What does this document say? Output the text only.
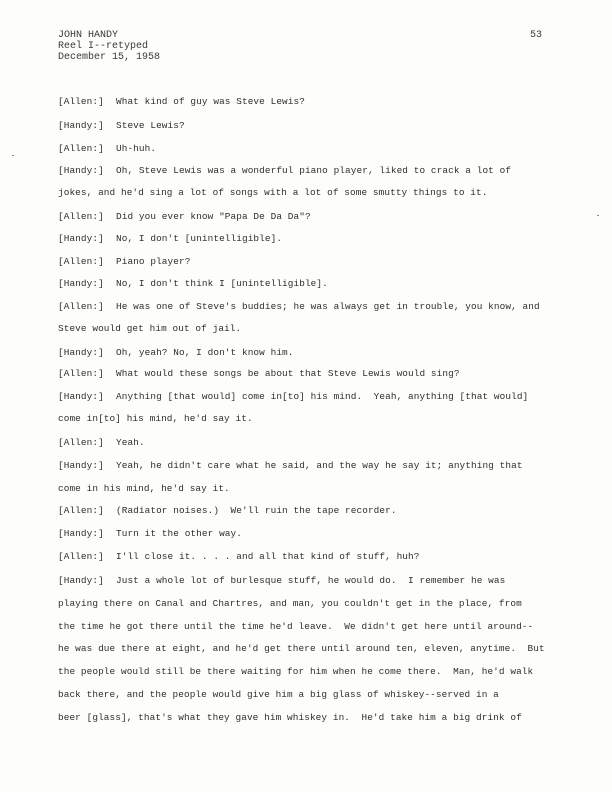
JOHN HANDY
Reel I--retyped
December 15, 1958
53
[Allen:] What kind of guy was Steve Lewis?
[Handy:] Steve Lewis?
[Allen:] Uh-huh.
[Handy:] Oh, Steve Lewis was a wonderful piano player, liked to crack a lot of
jokes, and he'd sing a lot of songs with a lot of some smutty things to it.
[Allen:] Did you ever know "Papa De Da Da"?
[Handy:] No, I don't [unintelligible].
[Allen:] Piano player?
[Handy:] No, I don't think I [unintelligible].
[Allen:] He was one of Steve's buddies; he was always get in trouble, you know, and
Steve would get him out of jail.
[Handy:] Oh, yeah? No, I don't know him.
[Allen:] What would these songs be about that Steve Lewis would sing?
[Handy:] Anything [that would] come in[to] his mind.  Yeah, anything [that would]
come in[to] his mind, he'd say it.
[Allen:] Yeah.
[Handy:] Yeah, he didn't care what he said, and the way he say it; anything that
come in his mind, he'd say it.
[Allen:] (Radiator noises.)  We'll ruin the tape recorder.
[Handy:] Turn it the other way.
[Allen:] I'll close it. . . . and all that kind of stuff, huh?
[Handy:] Just a whole lot of burlesque stuff, he would do.  I remember he was
playing there on Canal and Chartres, and man, you couldn't get in the place, from
the time he got there until the time he'd leave.  We didn't get here until around--
he was due there at eight, and he'd get there until around ten, eleven, anytime.  But
the people would still be there waiting for him when he come there.  Man, he'd walk
back there, and the people would give him a big glass of whiskey--served in a
beer [glass], that's what they gave him whiskey in.  He'd take him a big drink of
